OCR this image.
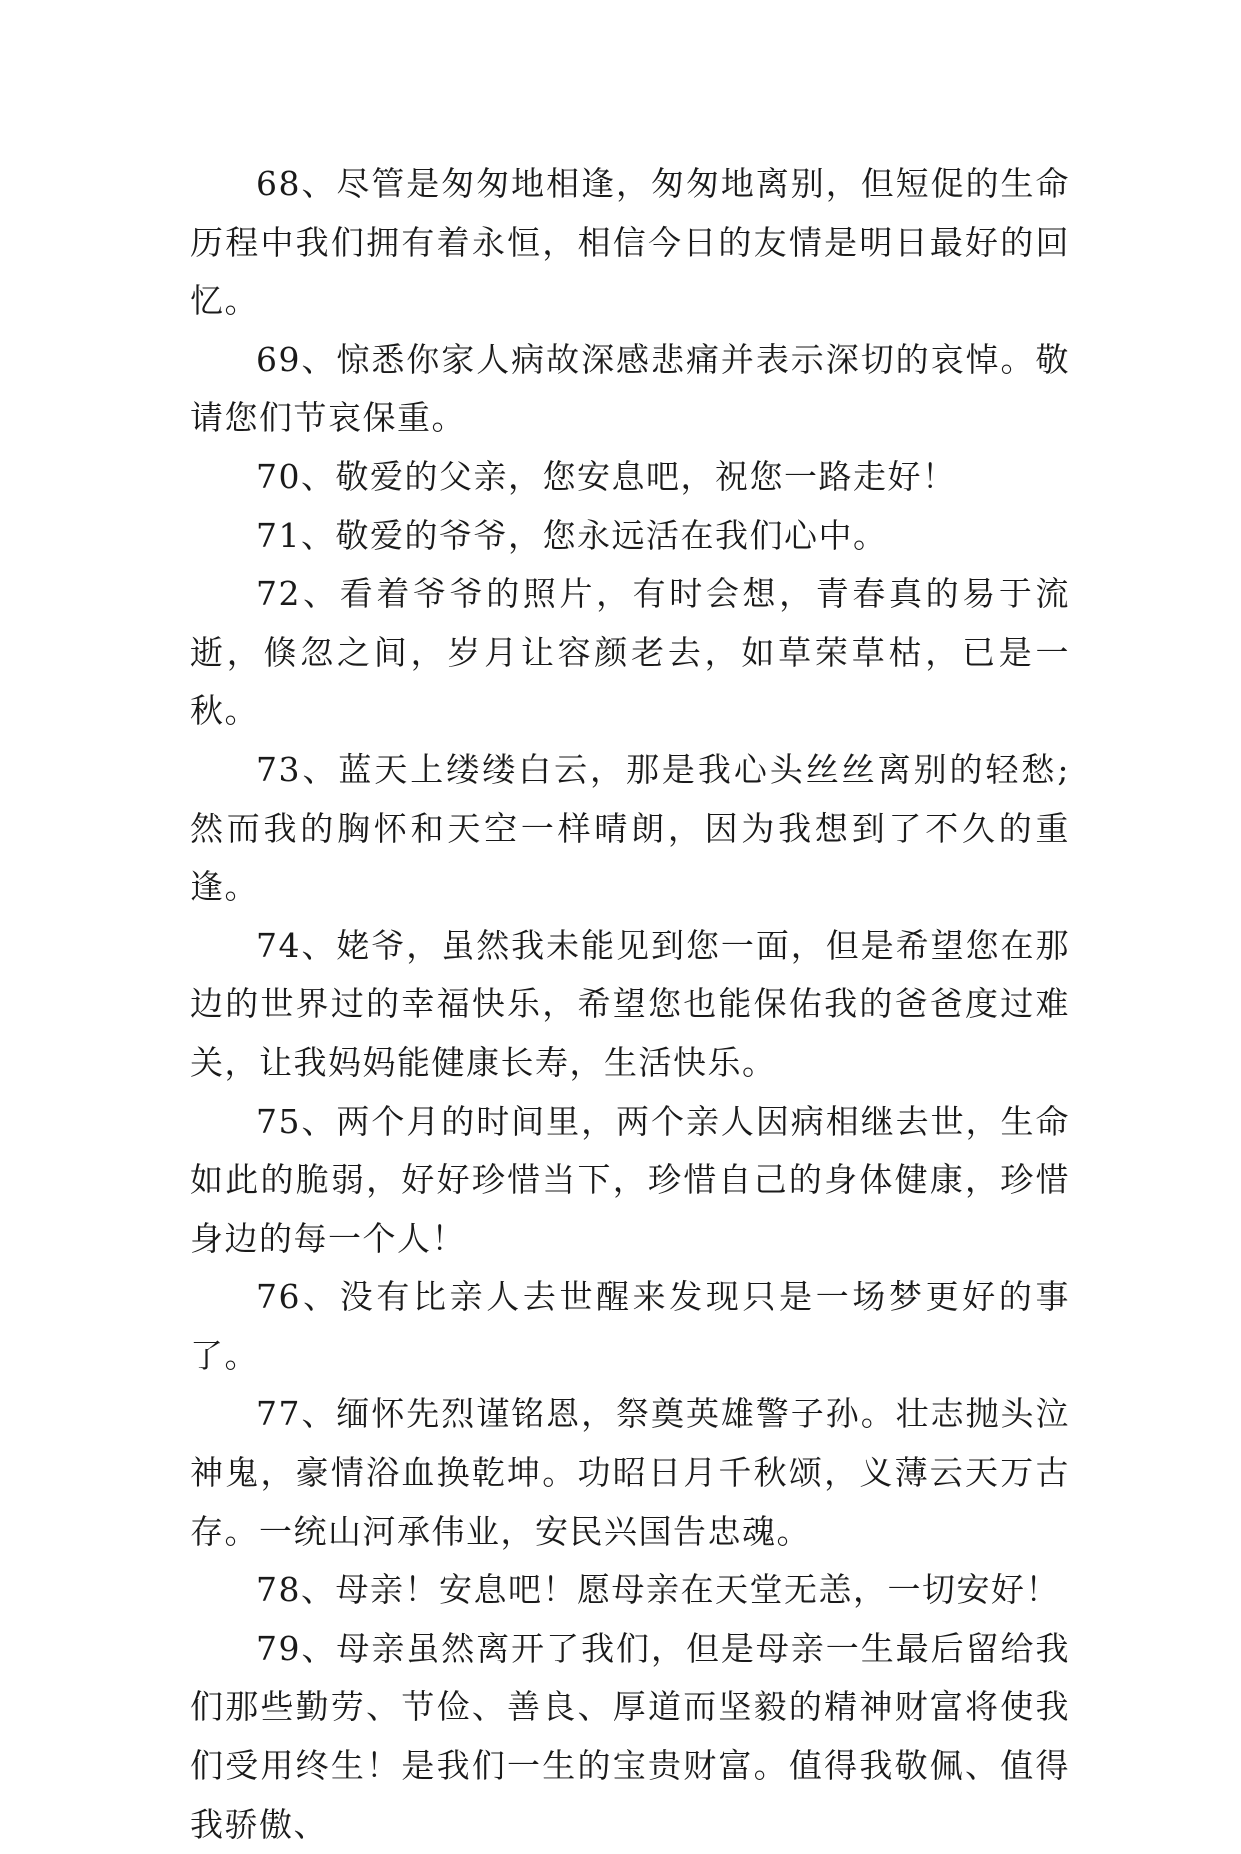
68、尽管是匆匆地相逢，匆匆地离别，但短促的生命历程中我们拥有着永恒，相信今日的友情是明日最好的回忆。

69、惊悉你家人病故深感悲痛并表示深切的哀悼。敬请您们节哀保重。

70、敬爱的父亲，您安息吧，祝您一路走好！

71、敬爱的爷爷，您永远活在我们心中。

72、看着爷爷的照片，有时会想，青春真的易于流逝，倏忽之间，岁月让容颜老去，如草荣草枯，已是一秋。

73、蓝天上缕缕白云，那是我心头丝丝离别的轻愁;然而我的胸怀和天空一样晴朗，因为我想到了不久的重逢。

74、姥爷，虽然我未能见到您一面，但是希望您在那边的世界过的幸福快乐，希望您也能保佑我的爸爸度过难关，让我妈妈能健康长寿，生活快乐。

75、两个月的时间里，两个亲人因病相继去世，生命如此的脆弱，好好珍惜当下，珍惜自己的身体健康，珍惜身边的每一个人！

76、没有比亲人去世醒来发现只是一场梦更好的事了。

77、缅怀先烈谨铭恩，祭奠英雄警子孙。壮志抛头泣神鬼，豪情浴血换乾坤。功昭日月千秋颂，义薄云天万古存。一统山河承伟业，安民兴国告忠魂。

78、母亲！安息吧！愿母亲在天堂无恙，一切安好！

79、母亲虽然离开了我们，但是母亲一生最后留给我们那些勤劳、节俭、善良、厚道而坚毅的精神财富将使我们受用终生！是我们一生的宝贵财富。值得我敬佩、值得我骄傲、
